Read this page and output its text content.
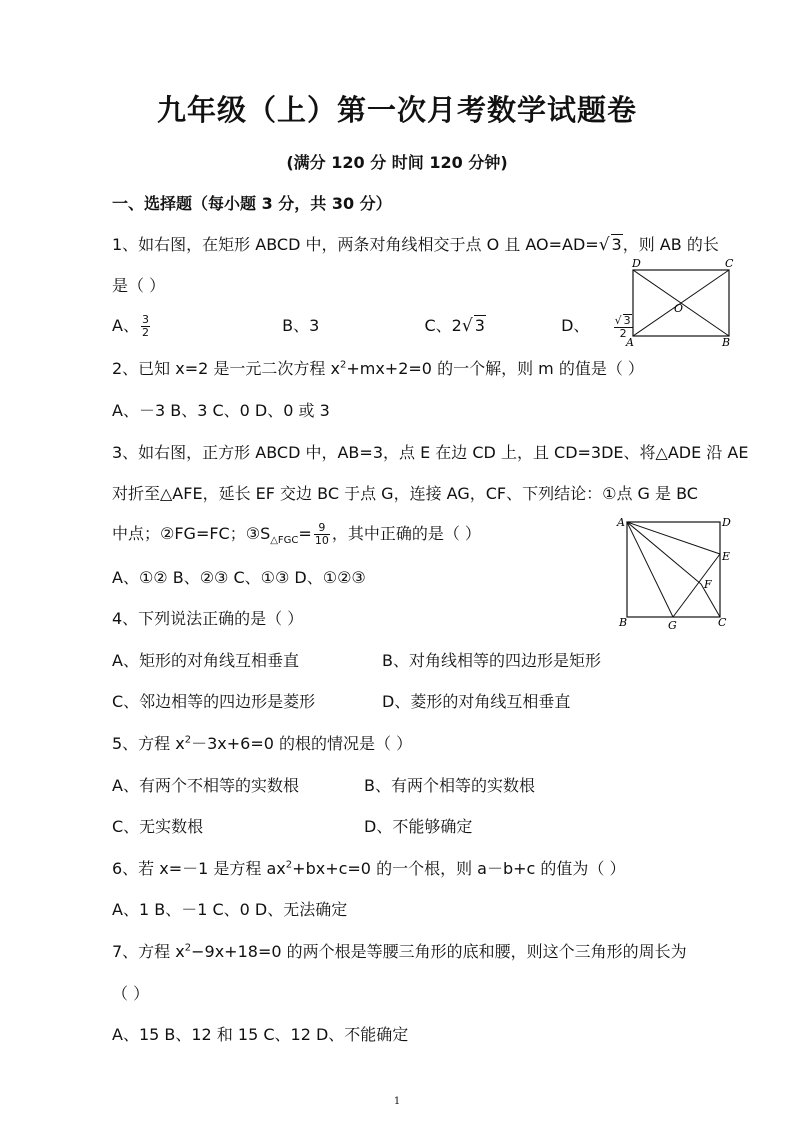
九年级（上）第一次月考数学试题卷
(满分 120 分 时间 120 分钟)
一、选择题（每小题 3 分，共 30 分）
1、如右图，在矩形 ABCD 中，两条对角线相交于点 O 且 AO=AD=√ 3，则 AB 的长
是（ ）
A、 $\frac{3}{2}$	B、3	C、2√ 3	D、 $\frac{√ 3}{2}$
D	C
A	B
O
2、已知 x=2 是一元二次方程 $x^2+mx+2=0$ 的一个解，则 m 的值是（ ）
A、－3 B、3 C、0 D、0 或 3
3、如右图，正方形 ABCD 中，AB=3，点 E 在边 CD 上，且 CD=3DE、将△ADE 沿 AE
对折至△AFE，延长 EF 交边 BC 于点 G，连接 AG，CF、下列结论：①点 G 是 BC
中点；②FG=FC；$③S_{\triangle FGC}= \frac{9}{10}$ ，其中正确的是（ ）
A、①② B、②③ C、①③ D、①②③
A	D
E
F
B	G	C
4、下列说法正确的是（ ）
A、矩形的对角线互相垂直	B、对角线相等的四边形是矩形
C、邻边相等的四边形是菱形	D、菱形的对角线互相垂直
5、方程 $x^2-3x+6=0$ 的根的情况是（ ）
A、有两个不相等的实数根	B、有两个相等的实数根
C、无实数根	D、不能够确定
6、若 x=－1 是方程 $ax^2+bx+c=0$ 的一个根，则 a－b+c 的值为（ ）
A、1 B、－1 C、0 D、无法确定
7、方程 $x^2-9x+18=0$ 的两个根是等腰三角形的底和腰，则这个三角形的周长为
（ ）
A、15 B、12 和 15 C、12 D、不能确定
1
